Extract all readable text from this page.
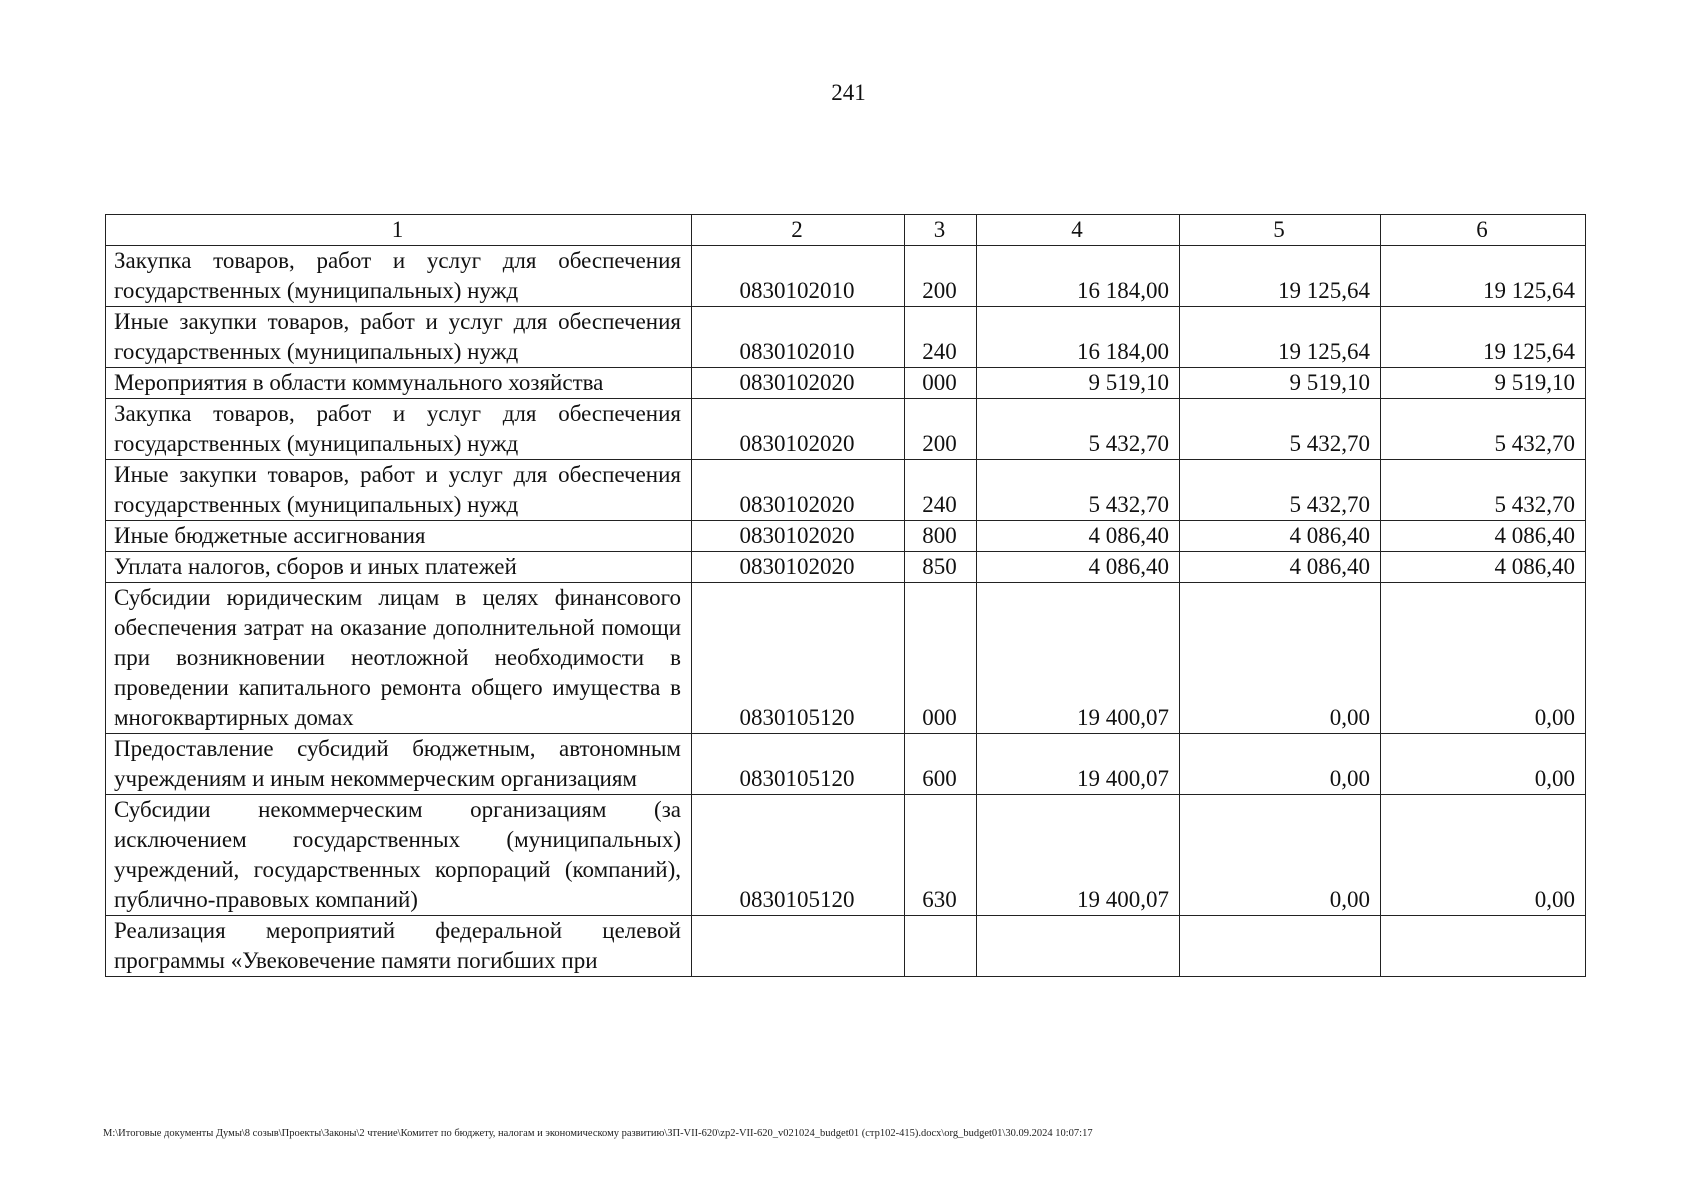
241
1	2	3	4	5	6
Закупка товаров, работ и услуг для обеспечения государственных (муниципальных) нужд	0830102010	200	16 184,00	19 125,64	19 125,64
Иные закупки товаров, работ и услуг для обеспечения государственных (муниципальных) нужд	0830102010	240	16 184,00	19 125,64	19 125,64
Мероприятия в области коммунального хозяйства	0830102020	000	9 519,10	9 519,10	9 519,10
Закупка товаров, работ и услуг для обеспечения государственных (муниципальных) нужд	0830102020	200	5 432,70	5 432,70	5 432,70
Иные закупки товаров, работ и услуг для обеспечения государственных (муниципальных) нужд	0830102020	240	5 432,70	5 432,70	5 432,70
Иные бюджетные ассигнования	0830102020	800	4 086,40	4 086,40	4 086,40
Уплата налогов, сборов и иных платежей	0830102020	850	4 086,40	4 086,40	4 086,40
Субсидии юридическим лицам в целях финансового обеспечения затрат на оказание дополнительной помощи при возникновении неотложной необходимости в проведении капитального ремонта общего имущества в многоквартирных домах	0830105120	000	19 400,07	0,00	0,00
Предоставление субсидий бюджетным, автономным учреждениям и иным некоммерческим организациям	0830105120	600	19 400,07	0,00	0,00
Субсидии некоммерческим организациям (за исключением государственных (муниципальных) учреждений, государственных корпораций (компаний), публично-правовых компаний)	0830105120	630	19 400,07	0,00	0,00
Реализация мероприятий федеральной целевой программы «Увековечение памяти погибших при					
M:\Итоговые документы Думы\8 созыв\Проекты\Законы\2 чтение\Комитет по бюджету, налогам и экономическому развитию\ЗП-VII-620\zp2-VII-620_v021024_budget01 (стр102-415).docx\org_budget01\30.09.2024 10:07:17
